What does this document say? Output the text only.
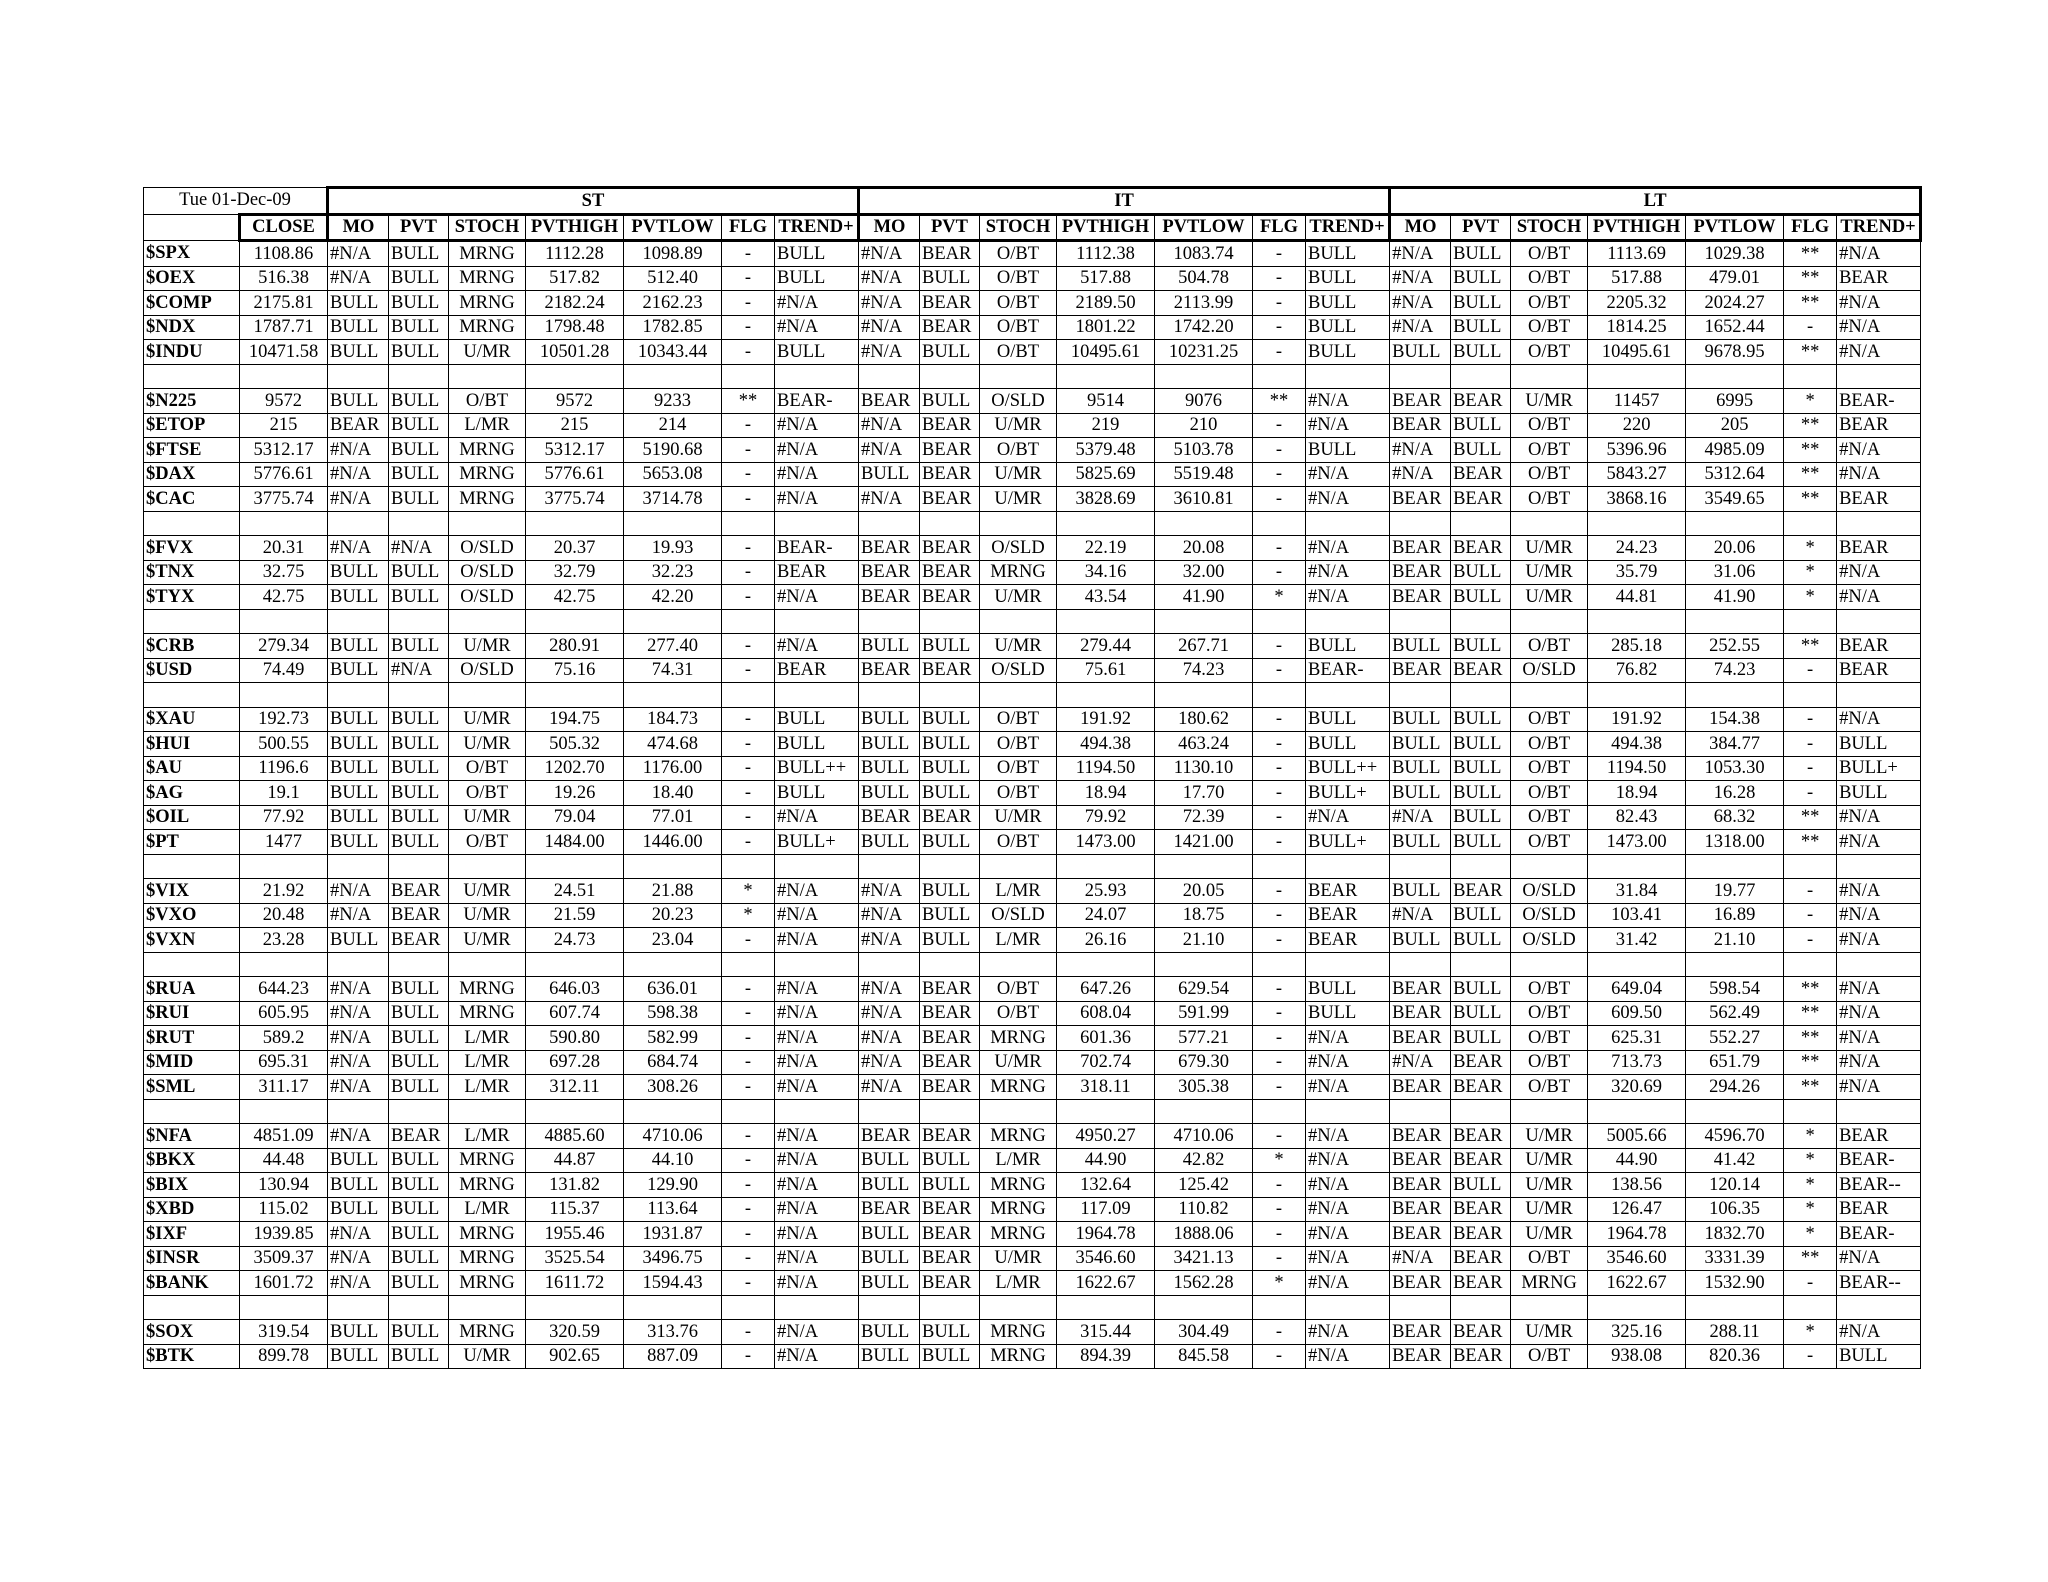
Tue 01-Dec-09		ST							IT							LT						
	CLOSE	MO	PVT	STOCH	PVTHIGH	PVTLOW	FLG	TREND+	MO	PVT	STOCH	PVTHIGH	PVTLOW	FLG	TREND+	MO	PVT	STOCH	PVTHIGH	PVTLOW	FLG	TREND+
$SPX	1108.86	#N/A	BULL	MRNG	1112.28	1098.89	-	BULL	#N/A	BEAR	O/BT	1112.38	1083.74	-	BULL	#N/A	BULL	O/BT	1113.69	1029.38	**	#N/A
$OEX	516.38	#N/A	BULL	MRNG	517.82	512.40	-	BULL	#N/A	BULL	O/BT	517.88	504.78	-	BULL	#N/A	BULL	O/BT	517.88	479.01	**	BEAR
$COMP	2175.81	BULL	BULL	MRNG	2182.24	2162.23	-	#N/A	#N/A	BEAR	O/BT	2189.50	2113.99	-	BULL	#N/A	BULL	O/BT	2205.32	2024.27	**	#N/A
$NDX	1787.71	BULL	BULL	MRNG	1798.48	1782.85	-	#N/A	#N/A	BEAR	O/BT	1801.22	1742.20	-	BULL	#N/A	BULL	O/BT	1814.25	1652.44	-	#N/A
$INDU	10471.58	BULL	BULL	U/MR	10501.28	10343.44	-	BULL	#N/A	BULL	O/BT	10495.61	10231.25	-	BULL	BULL	BULL	O/BT	10495.61	9678.95	**	#N/A

$N225	9572	BULL	BULL	O/BT	9572	9233	**	BEAR-	BEAR	BULL	O/SLD	9514	9076	**	#N/A	BEAR	BEAR	U/MR	11457	6995	*	BEAR-
$ETOP	215	BEAR	BULL	L/MR	215	214	-	#N/A	#N/A	BEAR	U/MR	219	210	-	#N/A	BEAR	BULL	O/BT	220	205	**	BEAR
$FTSE	5312.17	#N/A	BULL	MRNG	5312.17	5190.68	-	#N/A	#N/A	BEAR	O/BT	5379.48	5103.78	-	BULL	#N/A	BULL	O/BT	5396.96	4985.09	**	#N/A
$DAX	5776.61	#N/A	BULL	MRNG	5776.61	5653.08	-	#N/A	BULL	BEAR	U/MR	5825.69	5519.48	-	#N/A	#N/A	BEAR	O/BT	5843.27	5312.64	**	#N/A
$CAC	3775.74	#N/A	BULL	MRNG	3775.74	3714.78	-	#N/A	#N/A	BEAR	U/MR	3828.69	3610.81	-	#N/A	BEAR	BEAR	O/BT	3868.16	3549.65	**	BEAR

$FVX	20.31	#N/A	#N/A	O/SLD	20.37	19.93	-	BEAR-	BEAR	BEAR	O/SLD	22.19	20.08	-	#N/A	BEAR	BEAR	U/MR	24.23	20.06	*	BEAR
$TNX	32.75	BULL	BULL	O/SLD	32.79	32.23	-	BEAR	BEAR	BEAR	MRNG	34.16	32.00	-	#N/A	BEAR	BULL	U/MR	35.79	31.06	*	#N/A
$TYX	42.75	BULL	BULL	O/SLD	42.75	42.20	-	#N/A	BEAR	BEAR	U/MR	43.54	41.90	*	#N/A	BEAR	BULL	U/MR	44.81	41.90	*	#N/A

$CRB	279.34	BULL	BULL	U/MR	280.91	277.40	-	#N/A	BULL	BULL	U/MR	279.44	267.71	-	BULL	BULL	BULL	O/BT	285.18	252.55	**	BEAR
$USD	74.49	BULL	#N/A	O/SLD	75.16	74.31	-	BEAR	BEAR	BEAR	O/SLD	75.61	74.23	-	BEAR-	BEAR	BEAR	O/SLD	76.82	74.23	-	BEAR

$XAU	192.73	BULL	BULL	U/MR	194.75	184.73	-	BULL	BULL	BULL	O/BT	191.92	180.62	-	BULL	BULL	BULL	O/BT	191.92	154.38	-	#N/A
$HUI	500.55	BULL	BULL	U/MR	505.32	474.68	-	BULL	BULL	BULL	O/BT	494.38	463.24	-	BULL	BULL	BULL	O/BT	494.38	384.77	-	BULL
$AU	1196.6	BULL	BULL	O/BT	1202.70	1176.00	-	BULL++	BULL	BULL	O/BT	1194.50	1130.10	-	BULL++	BULL	BULL	O/BT	1194.50	1053.30	-	BULL+
$AG	19.1	BULL	BULL	O/BT	19.26	18.40	-	BULL	BULL	BULL	O/BT	18.94	17.70	-	BULL+	BULL	BULL	O/BT	18.94	16.28	-	BULL
$OIL	77.92	BULL	BULL	U/MR	79.04	77.01	-	#N/A	BEAR	BEAR	U/MR	79.92	72.39	-	#N/A	#N/A	BULL	O/BT	82.43	68.32	**	#N/A
$PT	1477	BULL	BULL	O/BT	1484.00	1446.00	-	BULL+	BULL	BULL	O/BT	1473.00	1421.00	-	BULL+	BULL	BULL	O/BT	1473.00	1318.00	**	#N/A

$VIX	21.92	#N/A	BEAR	U/MR	24.51	21.88	*	#N/A	#N/A	BULL	L/MR	25.93	20.05	-	BEAR	BULL	BEAR	O/SLD	31.84	19.77	-	#N/A
$VXO	20.48	#N/A	BEAR	U/MR	21.59	20.23	*	#N/A	#N/A	BULL	O/SLD	24.07	18.75	-	BEAR	#N/A	BULL	O/SLD	103.41	16.89	-	#N/A
$VXN	23.28	BULL	BEAR	U/MR	24.73	23.04	-	#N/A	#N/A	BULL	L/MR	26.16	21.10	-	BEAR	BULL	BULL	O/SLD	31.42	21.10	-	#N/A

$RUA	644.23	#N/A	BULL	MRNG	646.03	636.01	-	#N/A	#N/A	BEAR	O/BT	647.26	629.54	-	BULL	BEAR	BULL	O/BT	649.04	598.54	**	#N/A
$RUI	605.95	#N/A	BULL	MRNG	607.74	598.38	-	#N/A	#N/A	BEAR	O/BT	608.04	591.99	-	BULL	BEAR	BULL	O/BT	609.50	562.49	**	#N/A
$RUT	589.2	#N/A	BULL	L/MR	590.80	582.99	-	#N/A	#N/A	BEAR	MRNG	601.36	577.21	-	#N/A	BEAR	BULL	O/BT	625.31	552.27	**	#N/A
$MID	695.31	#N/A	BULL	L/MR	697.28	684.74	-	#N/A	#N/A	BEAR	U/MR	702.74	679.30	-	#N/A	#N/A	BEAR	O/BT	713.73	651.79	**	#N/A
$SML	311.17	#N/A	BULL	L/MR	312.11	308.26	-	#N/A	#N/A	BEAR	MRNG	318.11	305.38	-	#N/A	BEAR	BEAR	O/BT	320.69	294.26	**	#N/A

$NFA	4851.09	#N/A	BEAR	L/MR	4885.60	4710.06	-	#N/A	BEAR	BEAR	MRNG	4950.27	4710.06	-	#N/A	BEAR	BEAR	U/MR	5005.66	4596.70	*	BEAR
$BKX	44.48	BULL	BULL	MRNG	44.87	44.10	-	#N/A	BULL	BULL	L/MR	44.90	42.82	*	#N/A	BEAR	BEAR	U/MR	44.90	41.42	*	BEAR-
$BIX	130.94	BULL	BULL	MRNG	131.82	129.90	-	#N/A	BULL	BULL	MRNG	132.64	125.42	-	#N/A	BEAR	BULL	U/MR	138.56	120.14	*	BEAR--
$XBD	115.02	BULL	BULL	L/MR	115.37	113.64	-	#N/A	BEAR	BEAR	MRNG	117.09	110.82	-	#N/A	BEAR	BEAR	U/MR	126.47	106.35	*	BEAR
$IXF	1939.85	#N/A	BULL	MRNG	1955.46	1931.87	-	#N/A	BULL	BEAR	MRNG	1964.78	1888.06	-	#N/A	BEAR	BEAR	U/MR	1964.78	1832.70	*	BEAR-
$INSR	3509.37	#N/A	BULL	MRNG	3525.54	3496.75	-	#N/A	BULL	BEAR	U/MR	3546.60	3421.13	-	#N/A	#N/A	BEAR	O/BT	3546.60	3331.39	**	#N/A
$BANK	1601.72	#N/A	BULL	MRNG	1611.72	1594.43	-	#N/A	BULL	BEAR	L/MR	1622.67	1562.28	*	#N/A	BEAR	BEAR	MRNG	1622.67	1532.90	-	BEAR--

$SOX	319.54	BULL	BULL	MRNG	320.59	313.76	-	#N/A	BULL	BULL	MRNG	315.44	304.49	-	#N/A	BEAR	BEAR	U/MR	325.16	288.11	*	#N/A
$BTK	899.78	BULL	BULL	U/MR	902.65	887.09	-	#N/A	BULL	BULL	MRNG	894.39	845.58	-	#N/A	BEAR	BEAR	O/BT	938.08	820.36	-	BULL
